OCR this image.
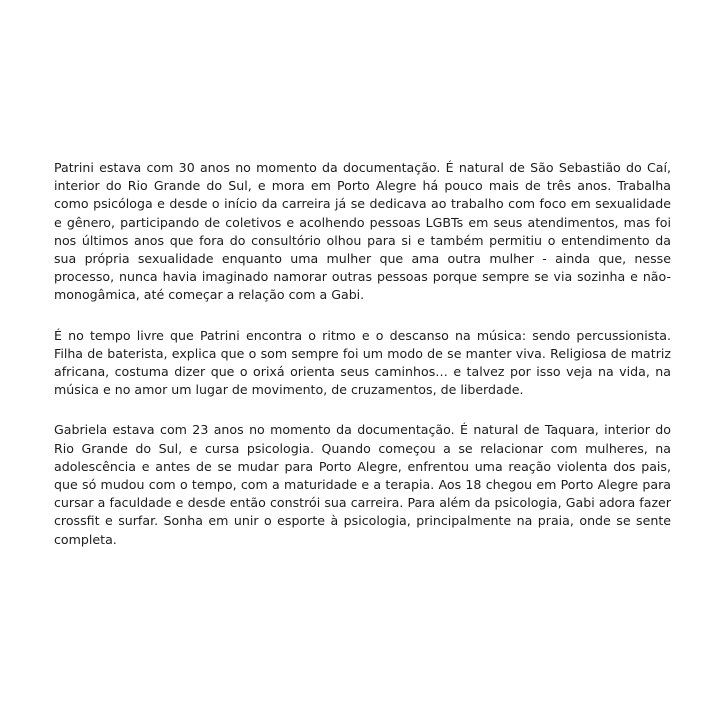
Patrini estava com 30 anos no momento da documentação. É natural de São Sebastião do Caí, interior do Rio Grande do Sul, e mora em Porto Alegre há pouco mais de três anos. Trabalha como psicóloga e desde o início da carreira já se dedicava ao trabalho com foco em sexualidade e gênero, participando de coletivos e acolhendo pessoas LGBTs em seus atendimentos, mas foi nos últimos anos que fora do consultório olhou para si e também permitiu o entendimento da sua própria sexualidade enquanto uma mulher que ama outra mulher - ainda que, nesse processo, nunca havia imaginado namorar outras pessoas porque sempre se via sozinha e não-monogâmica, até começar a relação com a Gabi.

É no tempo livre que Patrini encontra o ritmo e o descanso na música: sendo percussionista. Filha de baterista, explica que o som sempre foi um modo de se manter viva. Religiosa de matriz africana, costuma dizer que o orixá orienta seus caminhos… e talvez por isso veja na vida, na música e no amor um lugar de movimento, de cruzamentos, de liberdade.

Gabriela estava com 23 anos no momento da documentação. É natural de Taquara, interior do Rio Grande do Sul, e cursa psicologia. Quando começou a se relacionar com mulheres, na adolescência e antes de se mudar para Porto Alegre, enfrentou uma reação violenta dos pais, que só mudou com o tempo, com a maturidade e a terapia. Aos 18 chegou em Porto Alegre para cursar a faculdade e desde então constrói sua carreira. Para além da psicologia, Gabi adora fazer crossfit e surfar. Sonha em unir o esporte à psicologia, principalmente na praia, onde se sente completa.
